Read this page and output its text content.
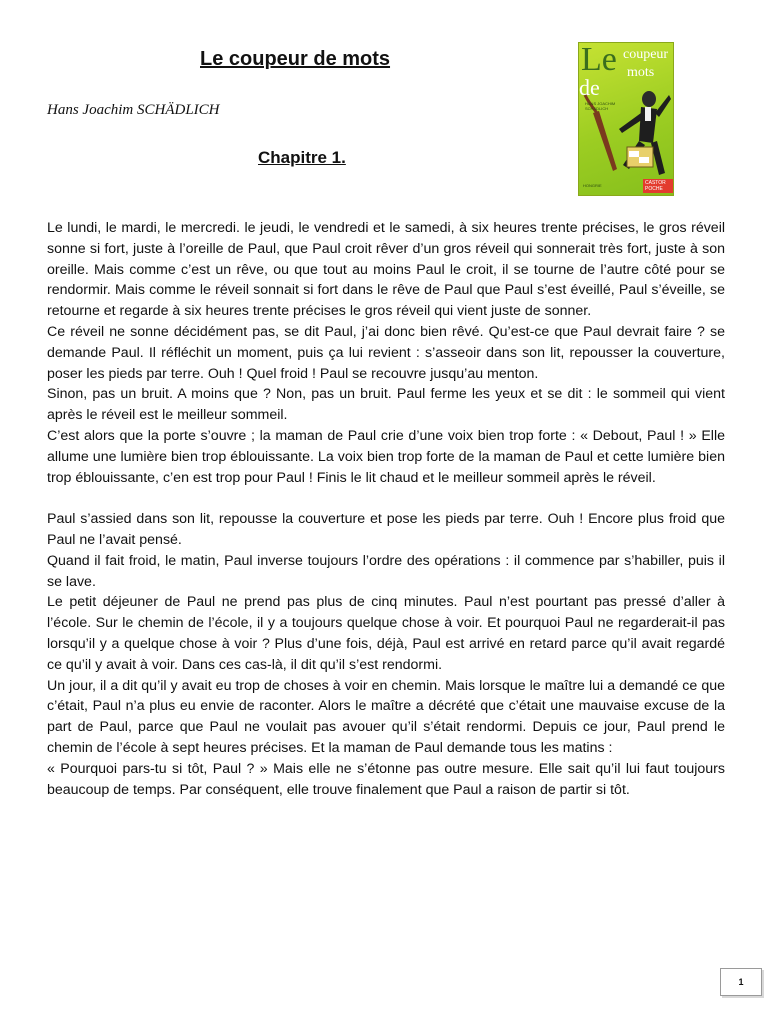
Le coupeur de mots
Hans Joachim SCHÄDLICH
Chapitre 1.
Le coupeur
de
mots
HANS JOACHIM SCHÄDLICH
HONGRIE	CASTOR POCHE

Le lundi, le mardi, le mercredi. le jeudi, le vendredi et le samedi, à six heures trente précises, le gros réveil sonne si fort, juste à l’oreille de Paul, que Paul croit rêver d’un gros réveil qui sonnerait très fort, juste à son oreille. Mais comme c’est un rêve, ou que tout au moins Paul le croit, il se tourne de l’autre côté pour se rendormir. Mais comme le réveil sonnait si fort dans le rêve de Paul que Paul s’est éveillé, Paul s’éveille, se retourne et regarde à six heures trente précises le gros réveil qui vient juste de sonner.

Ce réveil ne sonne décidément pas, se dit Paul, j’ai donc bien rêvé. Qu’est-ce que Paul devrait faire ? se demande Paul. Il réfléchit un moment, puis ça lui revient : s’asseoir dans son lit, repousser la couverture, poser les pieds par terre. Ouh ! Quel froid ! Paul se recouvre jusqu’au menton.

Sinon, pas un bruit. A moins que ? Non, pas un bruit. Paul ferme les yeux et se dit : le sommeil qui vient après le réveil est le meilleur sommeil.

C’est alors que la porte s’ouvre ; la maman de Paul crie d’une voix bien trop forte : « Debout, Paul ! » Elle allume une lumière bien trop éblouissante. La voix bien trop forte de la maman de Paul et cette lumière bien trop éblouissante, c’en est trop pour Paul ! Finis le lit chaud et le meilleur sommeil après le réveil.

Paul s’assied dans son lit, repousse la couverture et pose les pieds par terre. Ouh ! Encore plus froid que Paul ne l’avait pensé.

Quand il fait froid, le matin, Paul inverse toujours l’ordre des opérations : il commence par s’habiller, puis il se lave.

Le petit déjeuner de Paul ne prend pas plus de cinq minutes. Paul n’est pourtant pas pressé d’aller à l’école. Sur le chemin de l’école, il y a toujours quelque chose à voir. Et pourquoi Paul ne regarderait-il pas lorsqu’il y a quelque chose à voir ? Plus d’une fois, déjà, Paul est arrivé en retard parce qu’il avait regardé ce qu’il y avait à voir. Dans ces cas-là, il dit qu’il s’est rendormi.

Un jour, il a dit qu’il y avait eu trop de choses à voir en chemin. Mais lorsque le maître lui a demandé ce que c’était, Paul n’a plus eu envie de raconter. Alors le maître a décrété que c’était une mauvaise excuse de la part de Paul, parce que Paul ne voulait pas avouer qu’il s’était rendormi. Depuis ce jour, Paul prend le chemin de l’école à sept heures précises. Et la maman de Paul demande tous les matins :

« Pourquoi pars-tu si tôt, Paul ? » Mais elle ne s’étonne pas outre mesure. Elle sait qu’il lui faut toujours beaucoup de temps. Par conséquent, elle trouve finalement que Paul a raison de partir si tôt.

1
